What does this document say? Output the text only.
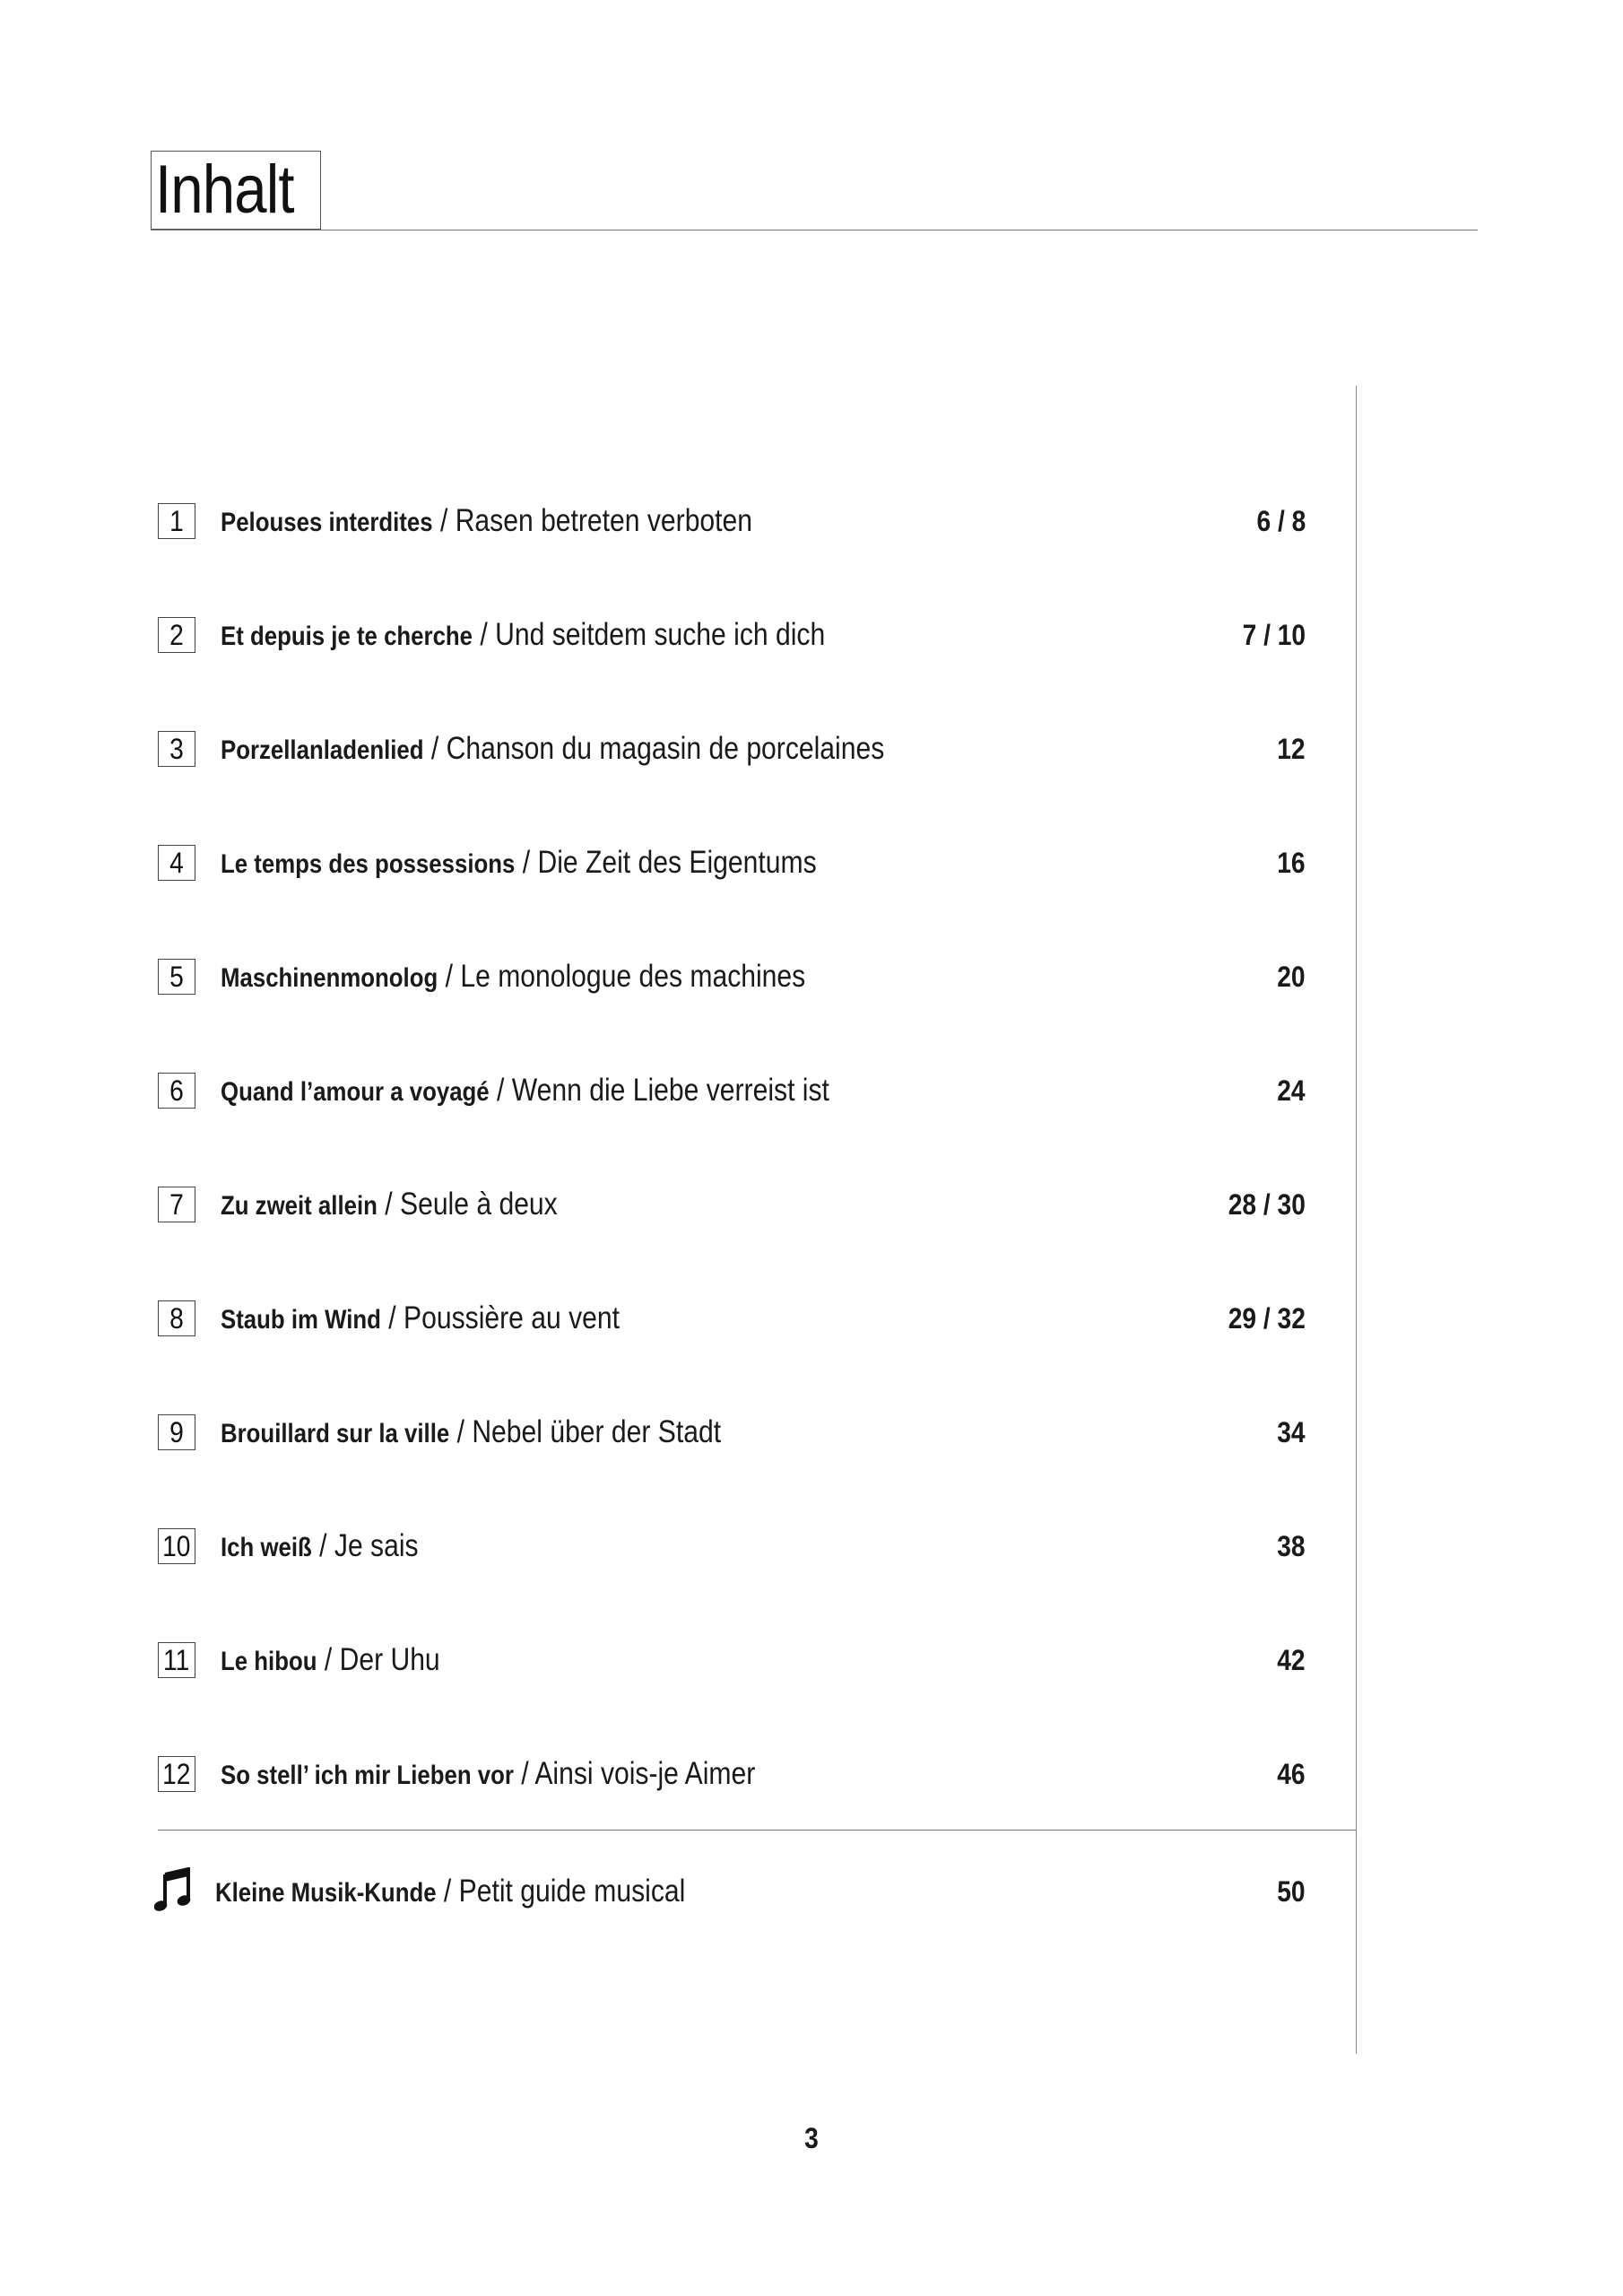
Inhalt
1 Pelouses interdites / Rasen betreten verboten	6 / 8
2 Et depuis je te cherche / Und seitdem suche ich dich	7 / 10
3 Porzellanladenlied / Chanson du magasin de porcelaines	12
4 Le temps des possessions / Die Zeit des Eigentums	16
5 Maschinenmonolog / Le monologue des machines	20
6 Quand l’amour a voyagé / Wenn die Liebe verreist ist	24
7 Zu zweit allein / Seule à deux	28 / 30
8 Staub im Wind / Poussière au vent	29 / 32
9 Brouillard sur la ville / Nebel über der Stadt	34
10 Ich weiß / Je sais	38
11 Le hibou / Der Uhu	42
12 So stell’ ich mir Lieben vor / Ainsi vois-je Aimer	46
Kleine Musik-Kunde / Petit guide musical	50
3
